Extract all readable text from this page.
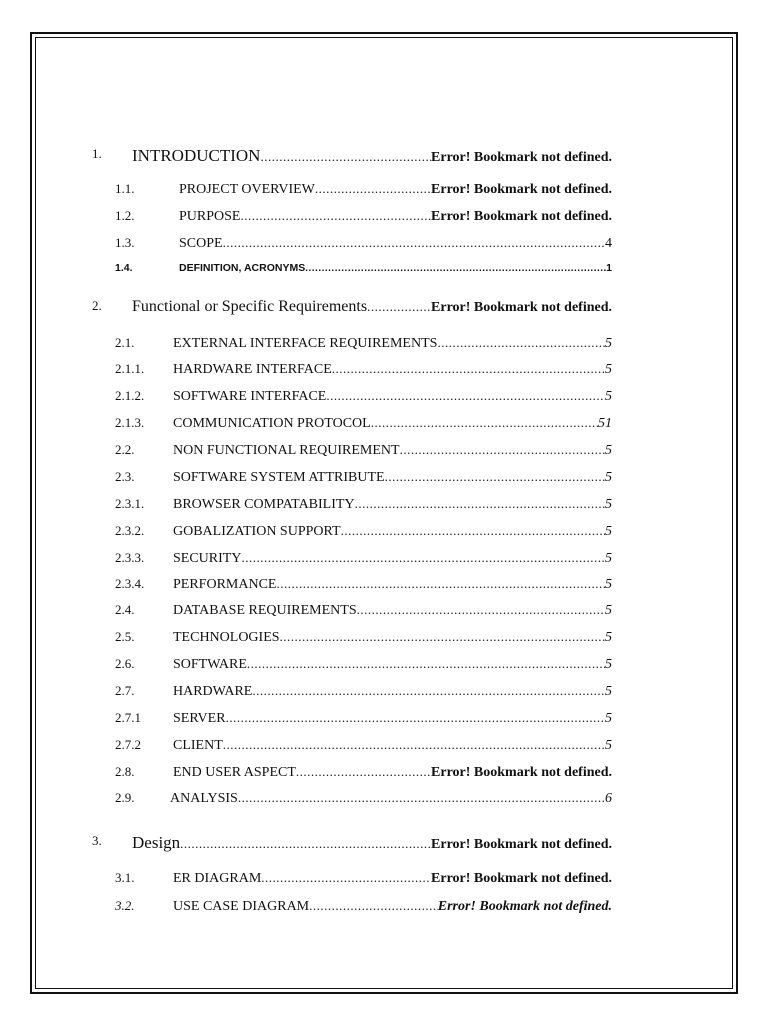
1. INTRODUCTION .....	Error! Bookmark not defined.
1.1.	PROJECT OVERVIEW .....	Error! Bookmark not defined.
1.2.	PURPOSE .....	Error! Bookmark not defined.
1.3.	SCOPE .....	4
1.4.	DEFINITION, ACRONYMS .....	1
2. Functional or Specific Requirements .....	Error! Bookmark not defined.
2.1.	EXTERNAL INTERFACE REQUIREMENTS .....	5
2.1.1. HARDWARE INTERFACE .....	5
2.1.2. SOFTWARE INTERFACE .....	5
2.1.3. COMMUNICATION PROTOCOL .....	51
2.2.	NON FUNCTIONAL REQUIREMENT .....	5
2.3.	SOFTWARE SYSTEM ATTRIBUTE .....	5
2.3.1. BROWSER COMPATABILITY .....	5
2.3.2. GOBALIZATION SUPPORT .....	5
2.3.3. SECURITY .....	5
2.3.4. PERFORMANCE .....	5
2.4.	DATABASE REQUIREMENTS .....	5
2.5.	TECHNOLOGIES .....	5
2.6.	SOFTWARE .....	5
2.7.	HARDWARE .....	5
2.7.1 SERVER .....	5
2.7.2 CLIENT .....	5
2.8.	END USER ASPECT .....	Error! Bookmark not defined.
2.9.	ANALYSIS .....	6
3. Design .....	Error! Bookmark not defined.
3.1.	ER DIAGRAM .....	Error! Bookmark not defined.
3.2.	USE CASE DIAGRAM .....	Error! Bookmark not defined.
